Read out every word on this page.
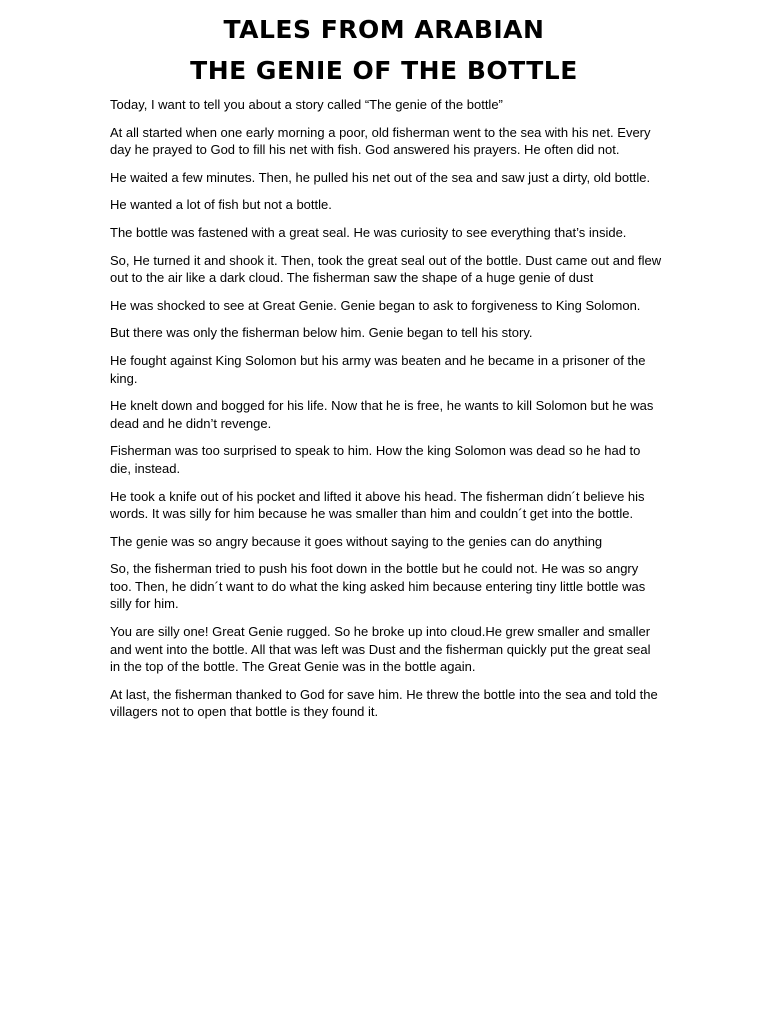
TALES FROM ARABIAN
THE GENIE OF THE BOTTLE

Today, I want to tell you about a story called “The genie of the bottle”

At all started when one early morning a poor, old fisherman went to the sea with his net. Every day he prayed to God to fill his net with fish. God answered his prayers. He often did not.

He waited a few minutes. Then, he pulled his net out of the sea and saw just a dirty, old bottle.

He wanted a lot of fish but not a bottle.

The bottle was fastened with a great seal. He was curiosity to see everything that’s inside.

So, He turned it and shook it. Then, took the great seal out of the bottle. Dust came out and flew out to the air like a dark cloud. The fisherman saw the shape of a huge genie of dust

He was shocked to see at Great Genie. Genie began to ask to forgiveness to King Solomon.

But there was only the fisherman below him. Genie began to tell his story.

He fought against King Solomon but his army was beaten and he became in a prisoner of the king.

He knelt down and bogged for his life. Now that he is free, he wants to kill Solomon but he was dead and he didn’t revenge.

Fisherman was too surprised to speak to him. How the king Solomon was dead so he had to die, instead.

He took a knife out of his pocket and lifted it above his head. The fisherman didn´t believe his words. It was silly for him because he was smaller than him and couldn´t get into the bottle.

The genie was so angry because it goes without saying to the genies can do anything

So, the fisherman tried to push his foot down in the bottle but he could not. He was so angry too. Then, he didn´t want to do what the king asked him because entering tiny little bottle was silly for him.

You are silly one! Great Genie rugged. So he broke up into cloud.He grew smaller and smaller and went into the bottle. All that was left was Dust and the fisherman quickly put the great seal in the top of the bottle. The Great Genie was in the bottle again.

At last, the fisherman thanked to God for save him. He threw the bottle into the sea and told the villagers not to open that bottle is they found it.
